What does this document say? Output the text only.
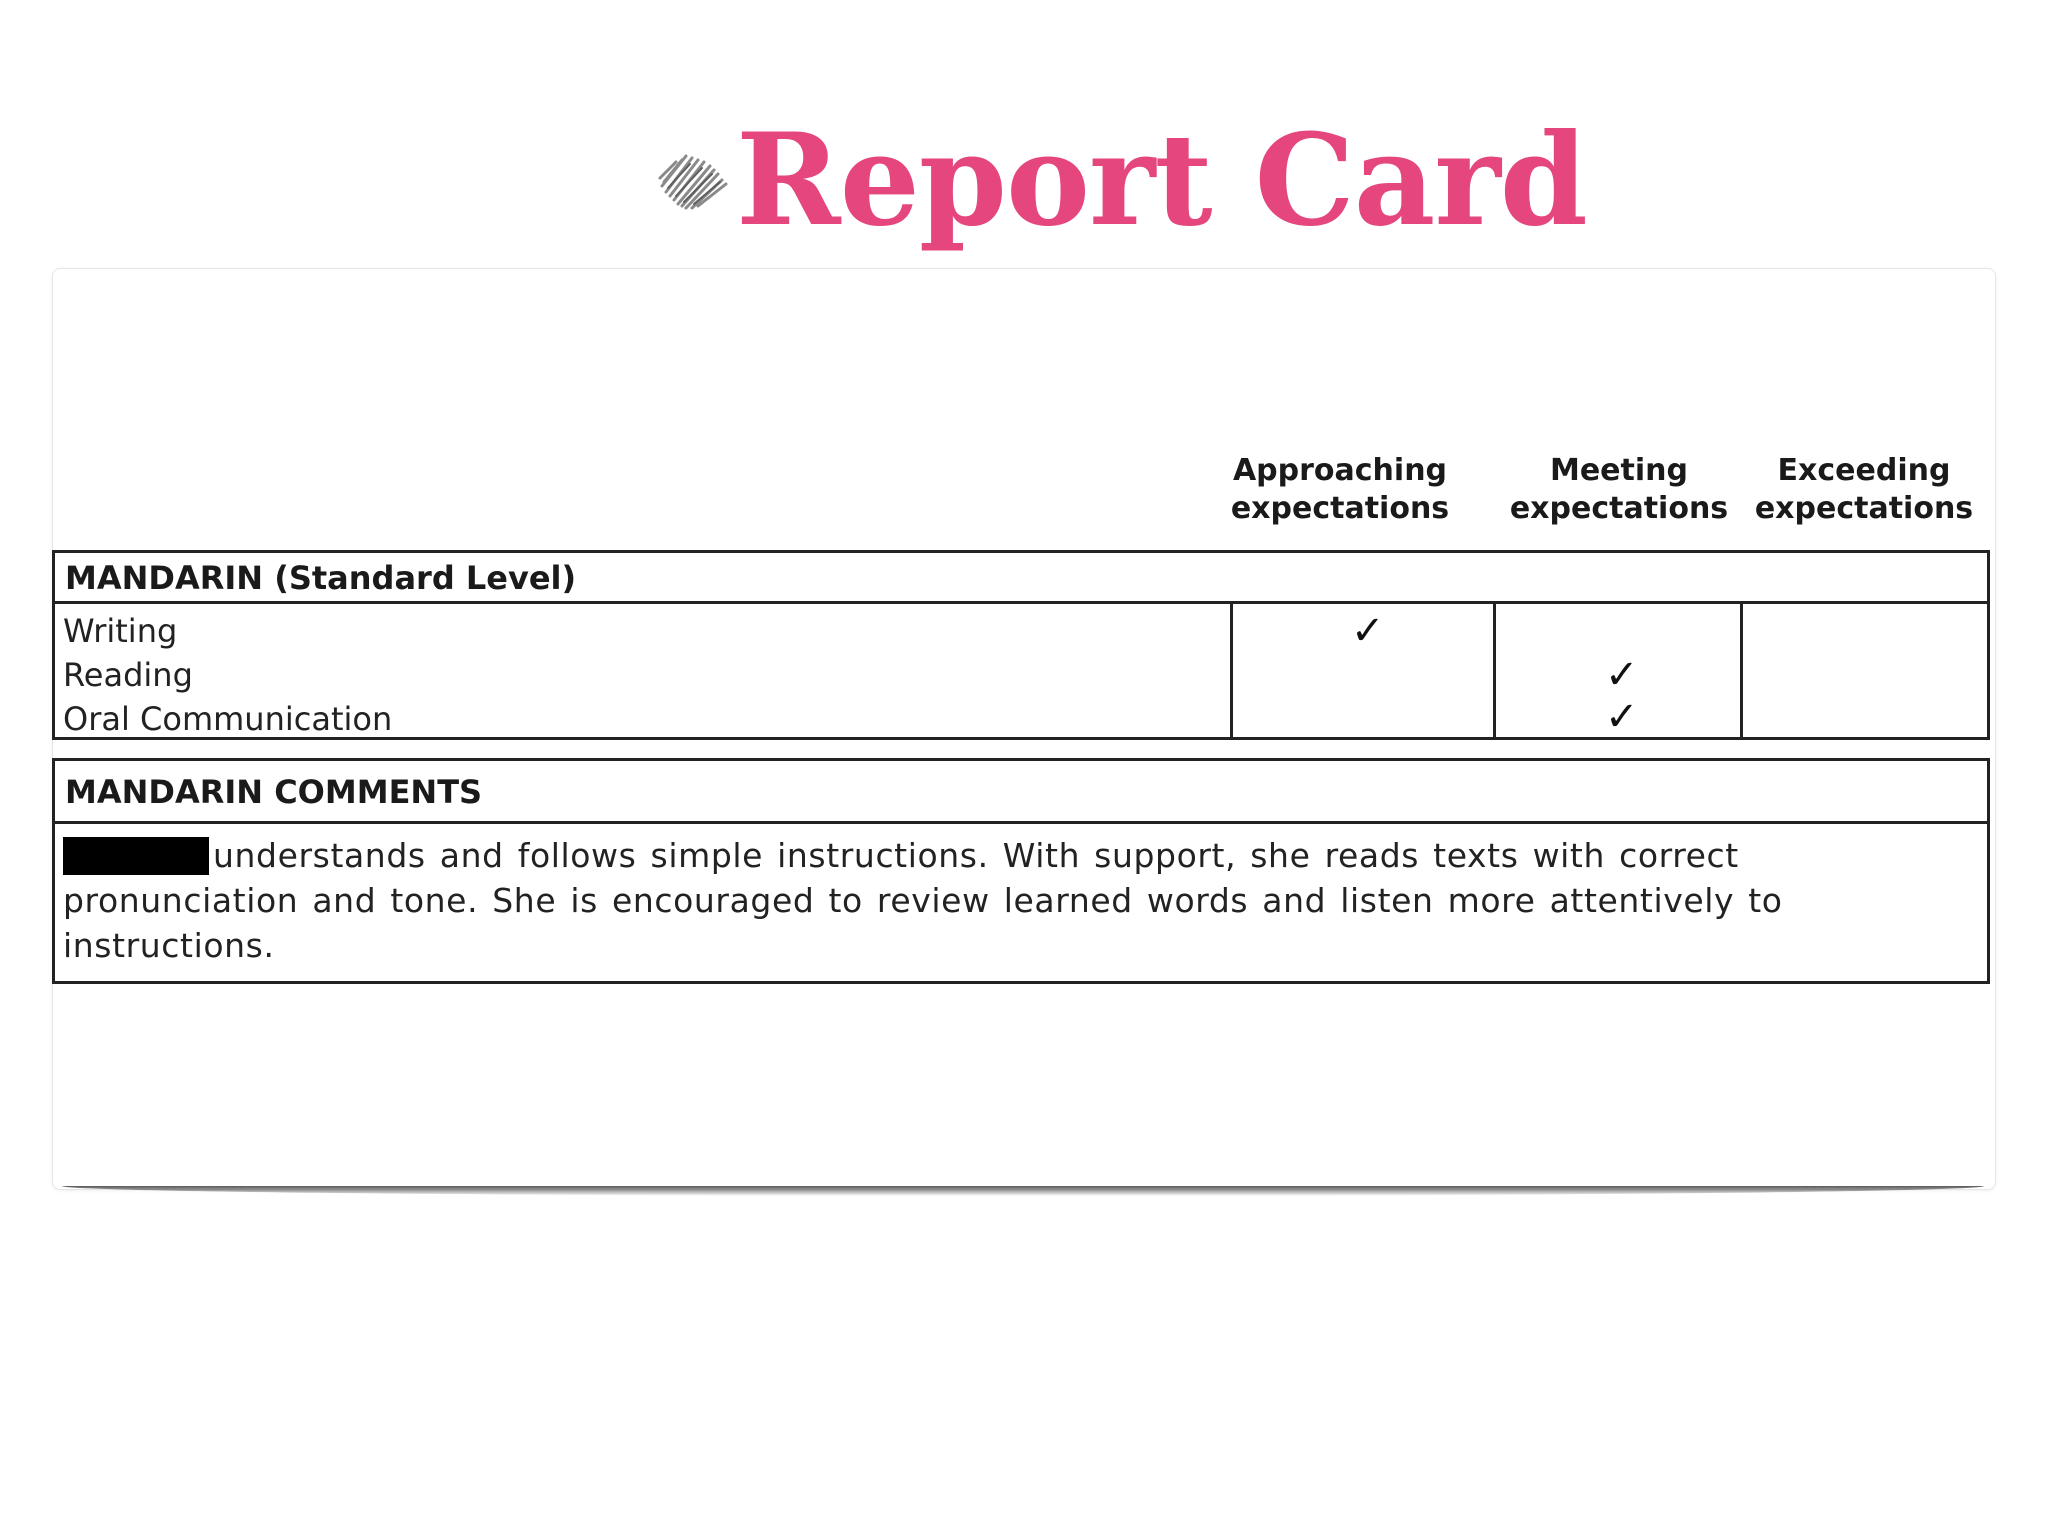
Report Card
Approaching
expectations
Meeting
expectations
Exceeding
expectations
MANDARIN (Standard Level)
Writing
Reading
Oral Communication
✓
✓
✓
MANDARIN COMMENTS
understands and follows simple instructions. With support, she reads texts with correct
pronunciation and tone. She is encouraged to review learned words and listen more attentively to
instructions.
